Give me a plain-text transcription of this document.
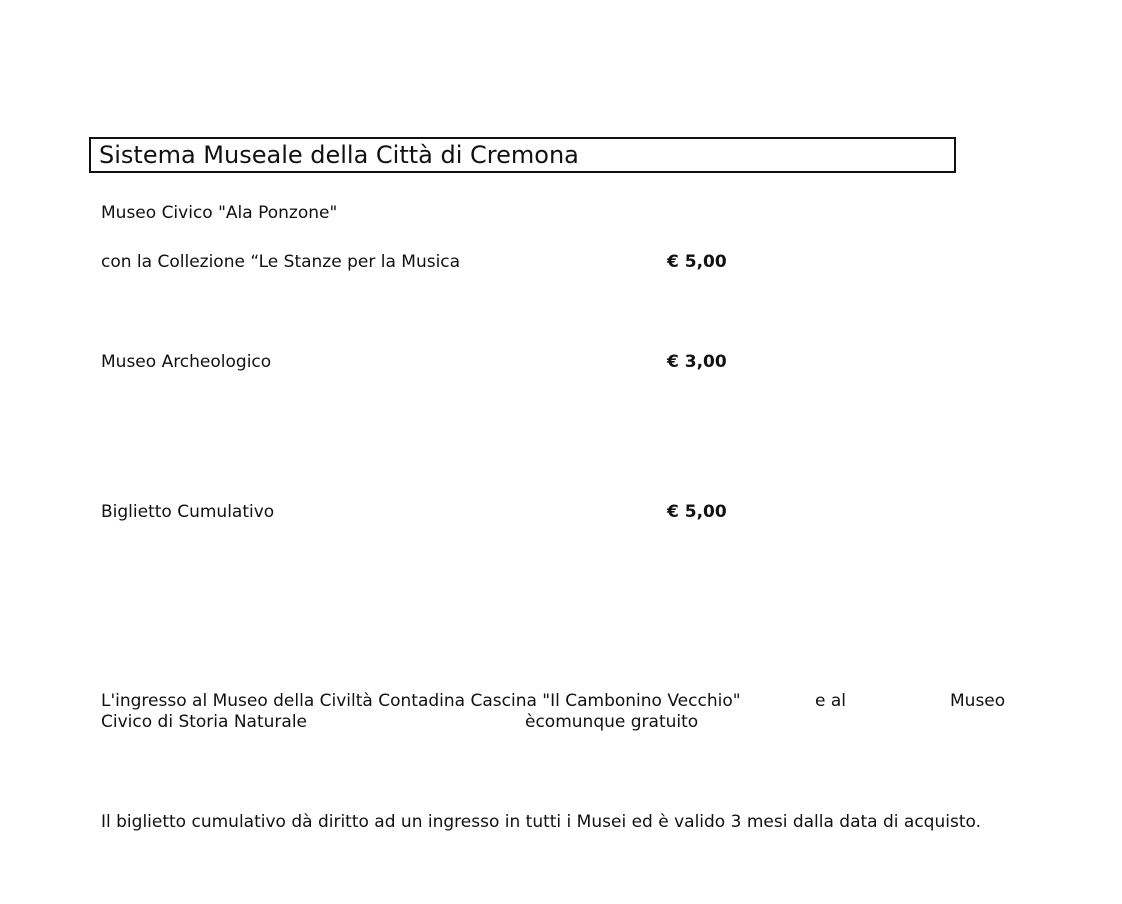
Sistema Museale della Città di Cremona
Museo Civico "Ala Ponzone"
con la Collezione “Le Stanze per la Musica	€ 5,00
Museo Archeologico	€ 3,00
Biglietto Cumulativo	€ 5,00
L'ingresso al Museo della Civiltà Contadina Cascina "Il Cambonino Vecchio"	e al	Museo
Civico di Storia Naturale	ècomunque gratuito
Il biglietto cumulativo dà diritto ad un ingresso in tutti i Musei ed è valido 3 mesi dalla data di acquisto.
